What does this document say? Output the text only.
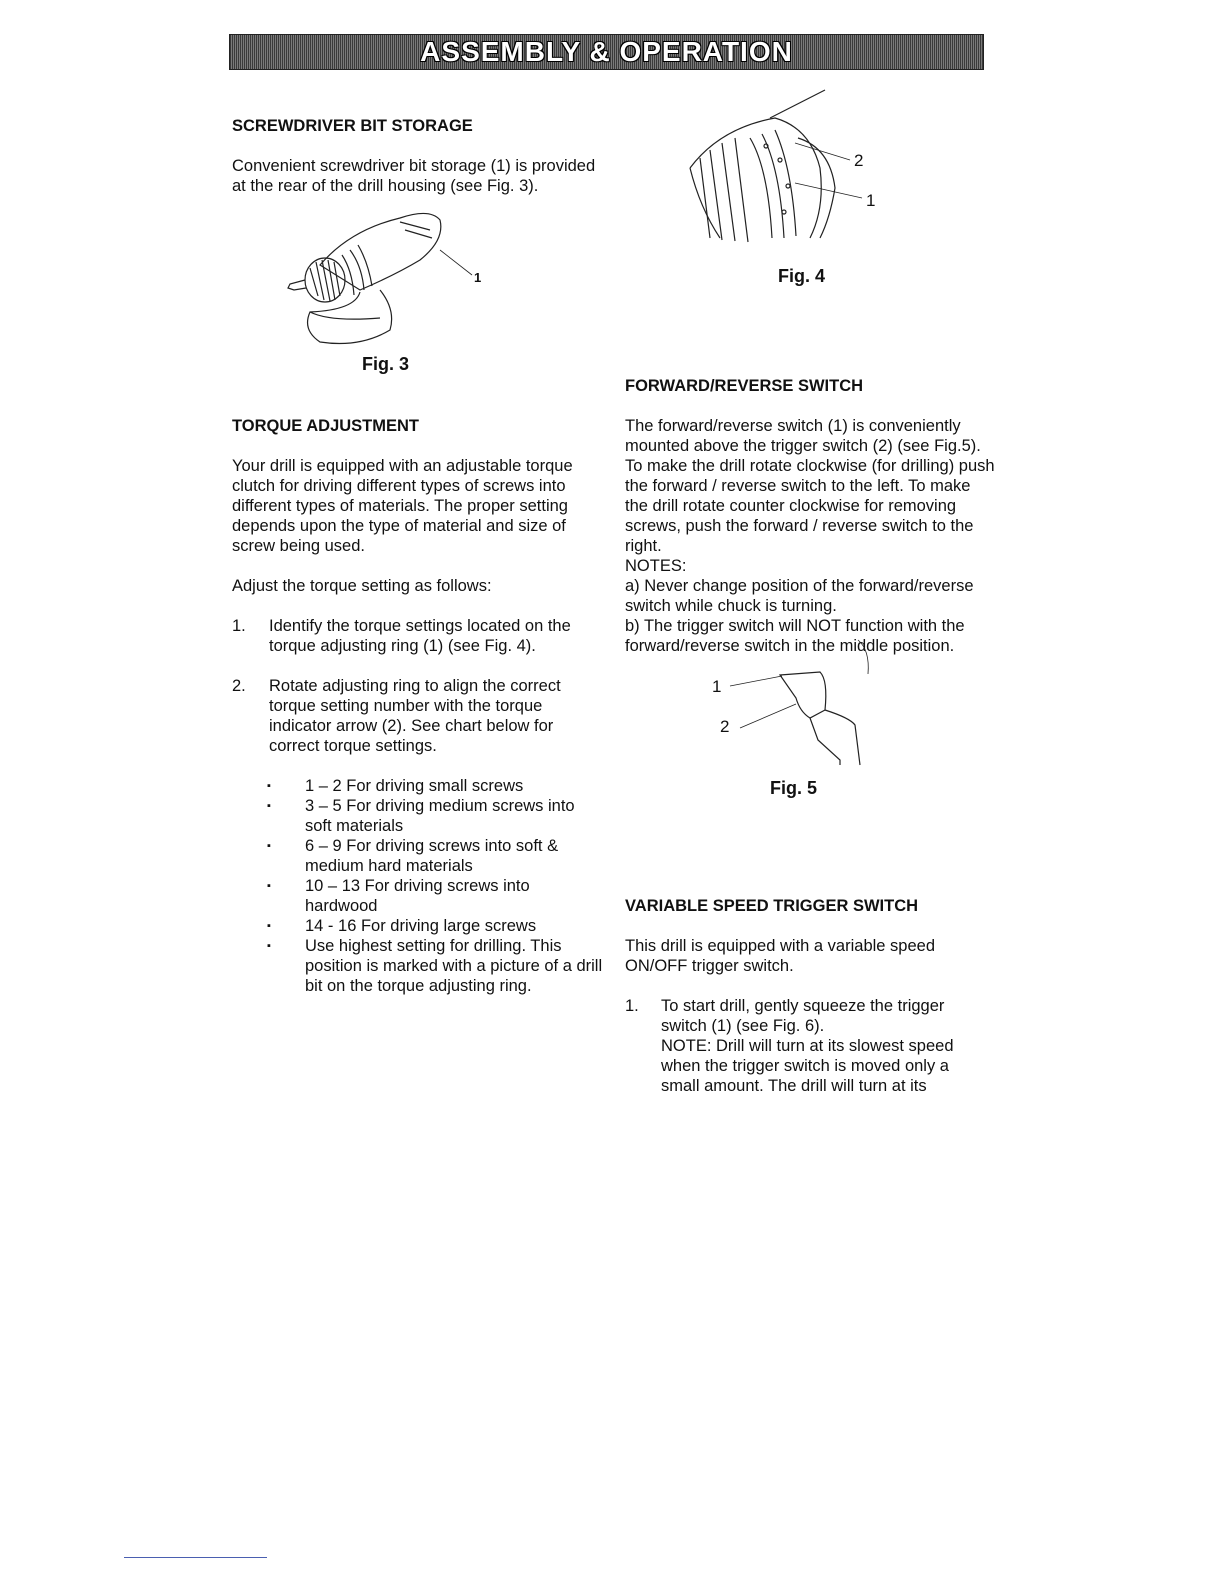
ASSEMBLY & OPERATION

SCREWDRIVER BIT STORAGE

Convenient screwdriver bit storage (1) is provided at the rear of the drill housing (see Fig. 3).

1
Fig. 3

TORQUE ADJUSTMENT

Your drill is equipped with an adjustable torque clutch for driving different types of screws into different types of materials. The proper setting depends upon the type of material and size of screw being used.

Adjust the torque setting as follows:

1. Identify the torque settings located on the torque adjusting ring (1) (see Fig. 4).
2. Rotate adjusting ring to align the correct torque setting number with the torque indicator arrow (2). See chart below for correct torque settings.
▪ 1 – 2 For driving small screws
▪ 3 – 5 For driving medium screws into soft materials
▪ 6 – 9 For driving screws into soft & medium hard materials
▪ 10 – 13 For driving screws into hardwood
▪ 14 - 16 For driving large screws
▪ Use highest setting for drilling. This position is marked with a picture of a drill bit on the torque adjusting ring.
2
1
Fig. 4

FORWARD/REVERSE SWITCH

The forward/reverse switch (1) is conveniently mounted above the trigger switch (2) (see Fig.5). To make the drill rotate clockwise (for drilling) push the forward / reverse switch to the left. To make the drill rotate counter clockwise for removing screws, push the forward / reverse switch to the right.

NOTES:

a) Never change position of the forward/reverse switch while chuck is turning.

b) The trigger switch will NOT function with the forward/reverse switch in the middle position.

1
2
Fig. 5

VARIABLE SPEED TRIGGER SWITCH

This drill is equipped with a variable speed ON/OFF trigger switch.

1. To start drill, gently squeeze the trigger switch (1) (see Fig. 6).
NOTE: Drill will turn at its slowest speed when the trigger switch is moved only a small amount. The drill will turn at its
